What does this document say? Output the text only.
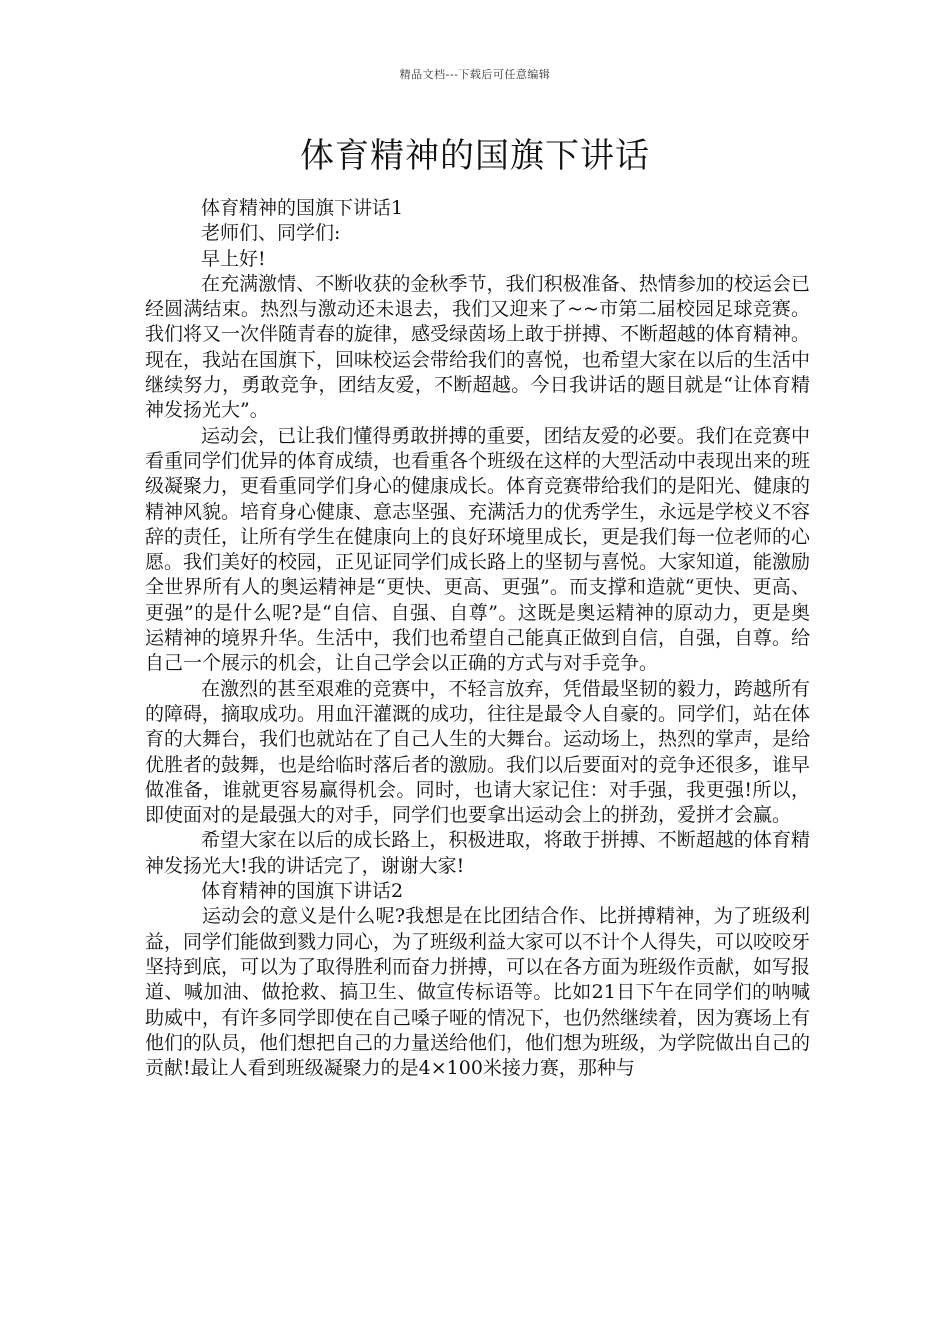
精品文档---下载后可任意编辑
体育精神的国旗下讲话

体育精神的国旗下讲话1

老师们、同学们:

早上好!

在充满激情、不断收获的金秋季节，我们积极准备、热情参加的校运会已经圆满结束。热烈与激动还未退去，我们又迎来了~~市第二届校园足球竞赛。我们将又一次伴随青春的旋律，感受绿茵场上敢于拼搏、不断超越的体育精神。现在，我站在国旗下，回味校运会带给我们的喜悦，也希望大家在以后的生活中继续努力，勇敢竞争，团结友爱，不断超越。今日我讲话的题目就是“让体育精神发扬光大”。

运动会，已让我们懂得勇敢拼搏的重要，团结友爱的必要。我们在竞赛中看重同学们优异的体育成绩，也看重各个班级在这样的大型活动中表现出来的班级凝聚力，更看重同学们身心的健康成长。体育竞赛带给我们的是阳光、健康的精神风貌。培育身心健康、意志坚强、充满活力的优秀学生，永远是学校义不容辞的责任，让所有学生在健康向上的良好环境里成长，更是我们每一位老师的心愿。我们美好的校园，正见证同学们成长路上的坚韧与喜悦。大家知道，能激励全世界所有人的奥运精神是“更快、更高、更强”。而支撑和造就“更快、更高、更强”的是什么呢?是“自信、自强、自尊”。这既是奥运精神的原动力，更是奥运精神的境界升华。生活中，我们也希望自己能真正做到自信，自强，自尊。给自己一个展示的机会，让自己学会以正确的方式与对手竞争。

在激烈的甚至艰难的竞赛中，不轻言放弃，凭借最坚韧的毅力，跨越所有的障碍，摘取成功。用血汗灌溉的成功，往往是最令人自豪的。同学们，站在体育的大舞台，我们也就站在了自己人生的大舞台。运动场上，热烈的掌声，是给优胜者的鼓舞，也是给临时落后者的激励。我们以后要面对的竞争还很多，谁早做准备，谁就更容易赢得机会。同时，也请大家记住：对手强，我更强!所以，即使面对的是最强大的对手，同学们也要拿出运动会上的拼劲，爱拼才会赢。

希望大家在以后的成长路上，积极进取，将敢于拼搏、不断超越的体育精神发扬光大!我的讲话完了，谢谢大家!

体育精神的国旗下讲话2

运动会的意义是什么呢?我想是在比团结合作、比拼搏精神，为了班级利益，同学们能做到戮力同心，为了班级利益大家可以不计个人得失，可以咬咬牙坚持到底，可以为了取得胜利而奋力拼搏，可以在各方面为班级作贡献，如写报道、喊加油、做抢救、搞卫生、做宣传标语等。比如21日下午在同学们的呐喊助威中，有许多同学即使在自己嗓子哑的情况下，也仍然继续着，因为赛场上有他们的队员，他们想把自己的力量送给他们，他们想为班级，为学院做出自己的贡献!最让人看到班级凝聚力的是4×100米接力赛，那种与
